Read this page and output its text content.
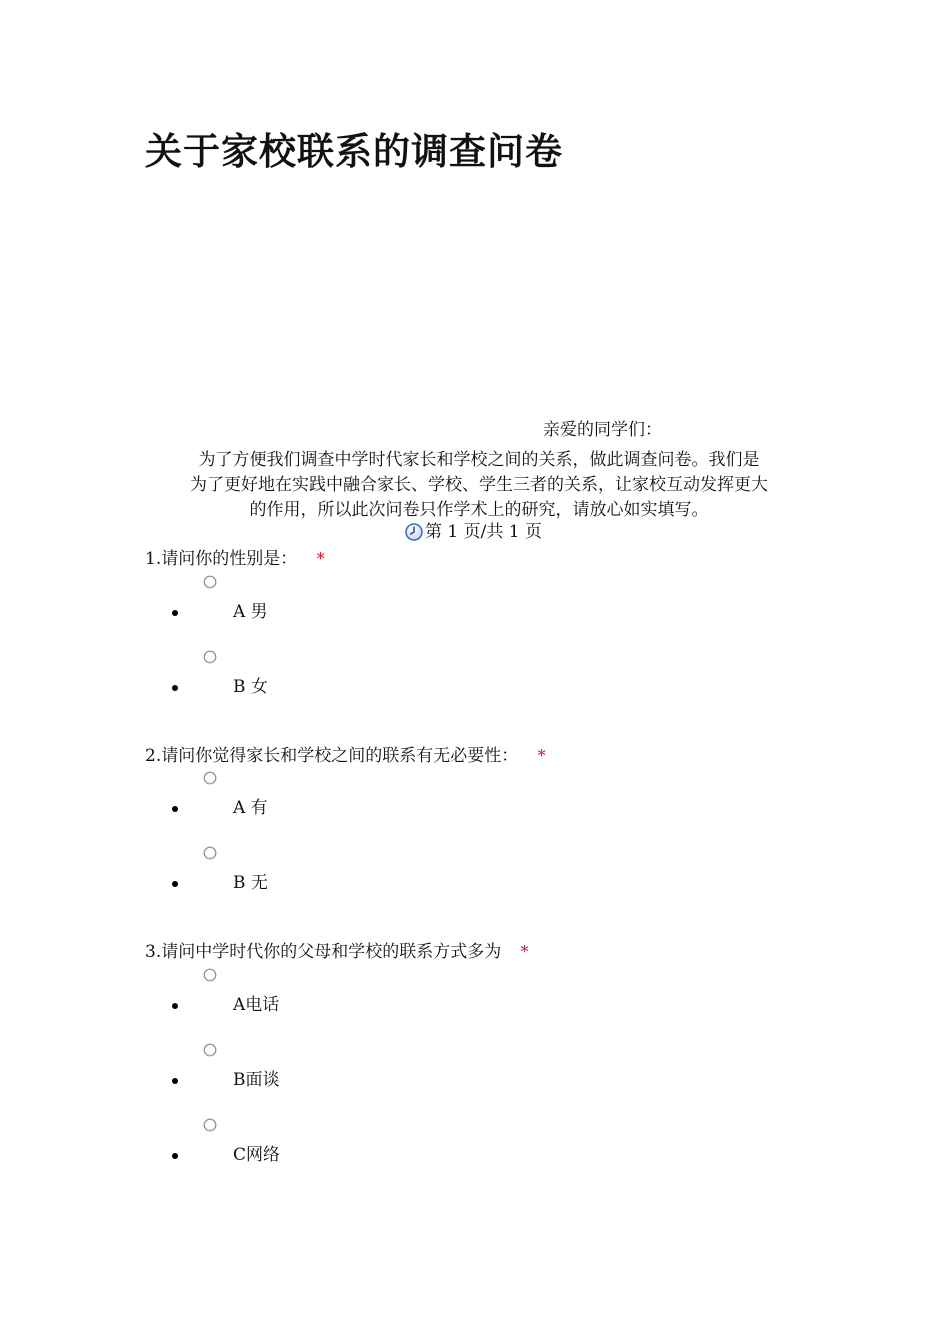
关于家校联系的调查问卷
亲爱的同学们：

为了方便我们调查中学时代家长和学校之间的关系，做此调查问卷。我们是
为了更好地在实践中融合家长、学校、学生三者的关系，让家校互动发挥更大
的作用，所以此次问卷只作学术上的研究，请放心如实填写。

第 1 页/共 1 页
1.请问你的性别是： *
A 男
B 女
2.请问你觉得家长和学校之间的联系有无必要性： *
A 有
B 无
3.请问中学时代你的父母和学校的联系方式多为 *
A电话
B面谈
C网络
